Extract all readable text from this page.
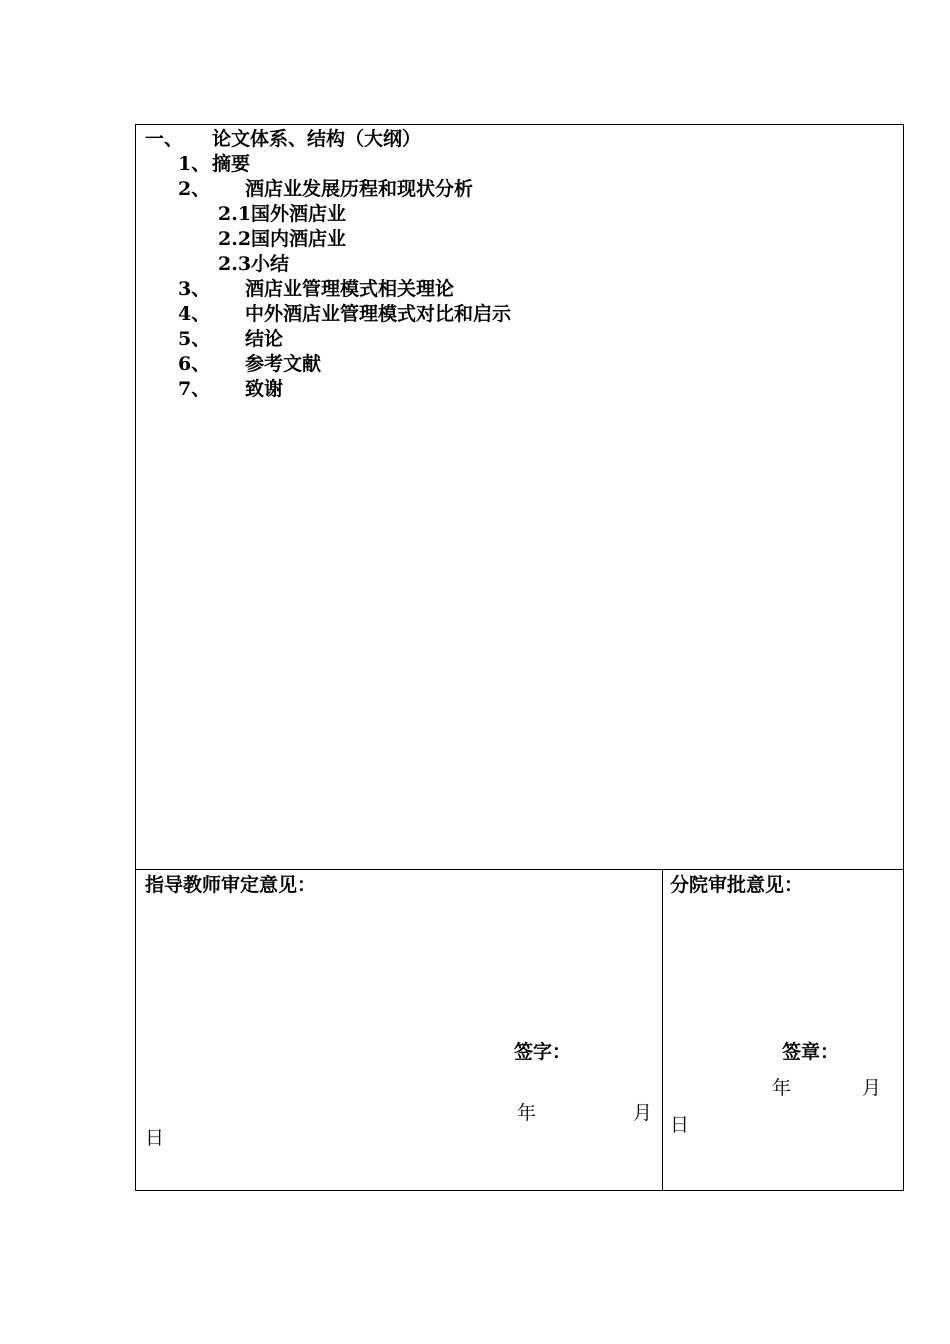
一、 论文体系、结构（大纲）
1、 摘要
2、 酒店业发展历程和现状分析
2.1 国外酒店业
2.2 国内酒店业
2.3 小结
3、 酒店业管理模式相关理论
4、 中外酒店业管理模式对比和启示
5、 结论
6、 参考文献
7、 致谢
指导教师审定意见：
签字：
年	月
日
分院审批意见：
签章：
年	月
日
